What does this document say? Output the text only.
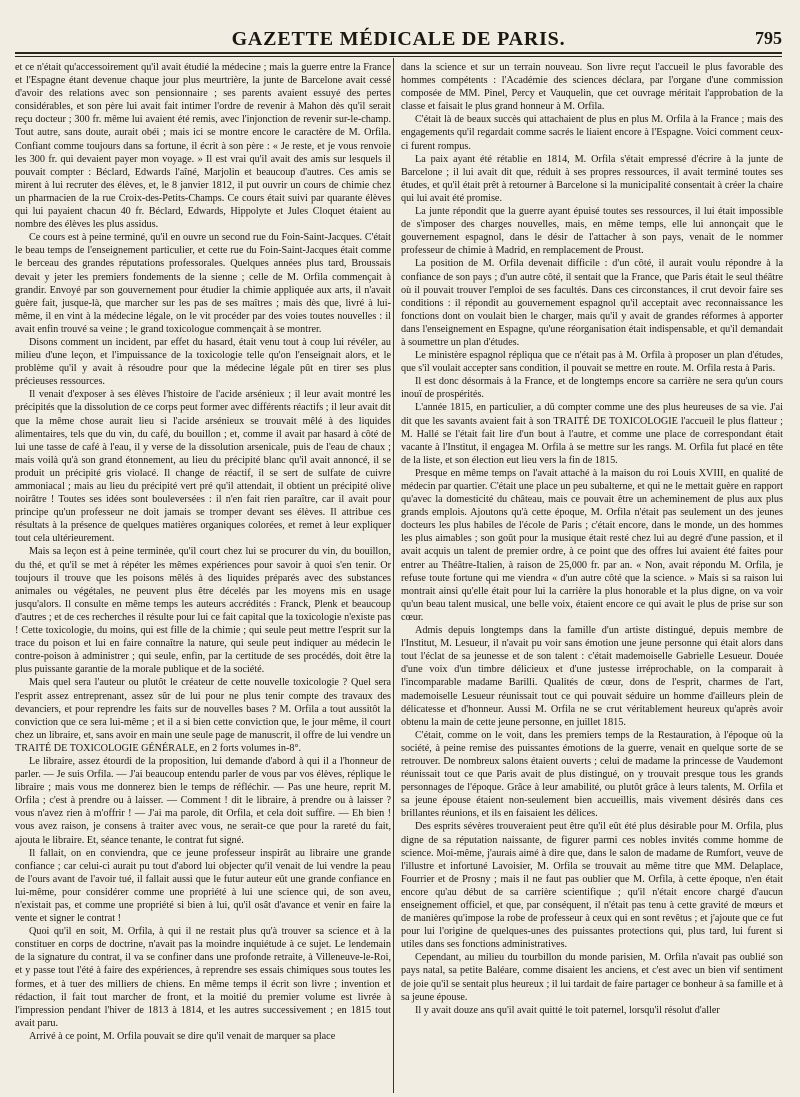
GAZETTE MÉDICALE DE PARIS.	795

et ce n'était qu'accessoirement qu'il avait étudié la médecine ; mais la guerre entre la France et l'Espagne étant devenue chaque jour plus meurtrière, la junte de Barcelone avait cessé d'avoir des relations avec son pensionnaire ; ses parents avaient essuyé des pertes considérables, et son père lui avait fait intimer l'ordre de revenir à Mahon dès qu'il serait reçu docteur ; 300 fr. même lui avaient été remis, avec l'injonction de revenir sur-le-champ. Tout autre, sans doute, aurait obéi ; mais ici se montre encore le caractère de M. Orfila. Confiant comme toujours dans sa fortune, il écrit à son père : « Je reste, et je vous renvoie les 300 fr. qui devaient payer mon voyage. » Il est vrai qu'il avait des amis sur lesquels il pouvait compter : Béclard, Edwards l'aîné, Marjolin et beaucoup d'autres. Ces amis se mirent à lui recruter des élèves, et, le 8 janvier 1812, il put ouvrir un cours de chimie chez un pharmacien de la rue Croix-des-Petits-Champs. Ce cours était suivi par quarante élèves qui lui payaient chacun 40 fr. Béclard, Edwards, Hippolyte et Jules Cloquet étaient au nombre des élèves les plus assidus.

Ce cours est à peine terminé, qu'il en ouvre un second rue du Foin-Saint-Jacques. C'était le beau temps de l'enseignement particulier, et cette rue du Foin-Saint-Jacques était comme le berceau des grandes réputations professorales. Quelques années plus tard, Broussais devait y jeter les premiers fondements de la sienne ; celle de M. Orfila commençait à grandir. Envoyé par son gouvernement pour étudier la chimie appliquée aux arts, il n'avait guère fait, jusque-là, que marcher sur les pas de ses maîtres ; mais dès que, livré à lui-même, il en vint à la médecine légale, on le vit procéder par des voies toutes nouvelles : il avait enfin trouvé sa veine ; le grand toxicologue commençait à se montrer.

Disons comment un incident, par effet du hasard, était venu tout à coup lui révéler, au milieu d'une leçon, et l'impuissance de la toxicologie telle qu'on l'enseignait alors, et le problème qu'il y avait à résoudre pour que la médecine légale pût en tirer ses plus précieuses ressources.

Il venait d'exposer à ses élèves l'histoire de l'acide arsénieux ; il leur avait montré les précipités que la dissolution de ce corps peut former avec différents réactifs ; il leur avait dit que la même chose aurait lieu si l'acide arsénieux se trouvait mêlé à des liquides alimentaires, tels que du vin, du café, du bouillon ; et, comme il avait par hasard à côté de lui une tasse de café à l'eau, il y verse de la dissolution arsenicale, puis de l'eau de chaux ; mais voilà qu'à son grand étonnement, au lieu du précipité blanc qu'il avait annoncé, il se produit un précipité gris violacé. Il change de réactif, il se sert de sulfate de cuivre ammoniacal ; mais au lieu du précipité vert pré qu'il attendait, il obtient un précipité olive noirâtre ! Toutes ses idées sont bouleversées : il n'en fait rien paraître, car il avait pour principe qu'un professeur ne doit jamais se tromper devant ses élèves. Il attribue ces résultats à la présence de quelques matières organiques colorées, et remet à leur expliquer tout cela ultérieurement.

Mais sa leçon est à peine terminée, qu'il court chez lui se procurer du vin, du bouillon, du thé, et qu'il se met à répéter les mêmes expériences pour savoir à quoi s'en tenir. Or toujours il trouve que les poisons mêlés à des liquides préparés avec des substances animales ou végétales, ne peuvent plus être décelés par les moyens mis en usage jusqu'alors. Il consulte en même temps les auteurs accrédités : Franck, Plenk et beaucoup d'autres ; et de ces recherches il résulte pour lui ce fait capital que la toxicologie n'existe pas ! Cette toxicologie, du moins, qui est fille de la chimie ; qui seule peut mettre l'esprit sur la trace du poison et lui en faire connaître la nature, qui seule peut indiquer au médecin le contre-poison à administrer ; qui seule, enfin, par la certitude de ses procédés, doit être la plus puissante garantie de la morale publique et de la société.

Mais quel sera l'auteur ou plutôt le créateur de cette nouvelle toxicologie ? Quel sera l'esprit assez entreprenant, assez sûr de lui pour ne plus tenir compte des travaux des devanciers, et pour reprendre les faits sur de nouvelles bases ? M. Orfila a tout aussitôt la conviction que ce sera lui-même ; et il a si bien cette conviction que, le jour même, il court chez un libraire, et, sans avoir en main une seule page de manuscrit, il offre de lui vendre un TRAITÉ DE TOXICOLOGIE GÉNÉRALE, en 2 forts volumes in-8°.

Le libraire, assez étourdi de la proposition, lui demande d'abord à qui il a l'honneur de parler. — Je suis Orfila. — J'ai beaucoup entendu parler de vous par vos élèves, réplique le libraire ; mais vous me donnerez bien le temps de réfléchir. — Pas une heure, reprit M. Orfila ; c'est à prendre ou à laisser. — Comment ! dit le libraire, à prendre ou à laisser ? vous n'avez rien à m'offrir ! — J'ai ma parole, dit Orfila, et cela doit suffire. — Eh bien ! vous avez raison, je consens à traiter avec vous, ne serait-ce que pour la rareté du fait, ajouta le libraire. Et, séance tenante, le contrat fut signé.

Il fallait, on en conviendra, que ce jeune professeur inspirât au libraire une grande confiance ; car celui-ci aurait pu tout d'abord lui objecter qu'il venait de lui vendre la peau de l'ours avant de l'avoir tué, il fallait aussi que le futur auteur eût une grande confiance en lui-même, pour considérer comme une propriété à lui une science qui, de son aveu, n'existait pas, et comme une propriété si bien à lui, qu'il osât d'avance et venir en faire la vente et signer le contrat !

Quoi qu'il en soit, M. Orfila, à qui il ne restait plus qu'à trouver sa science et à la constituer en corps de doctrine, n'avait pas la moindre inquiétude à ce sujet. Le lendemain de la signature du contrat, il va se confiner dans une profonde retraite, à Villeneuve-le-Roi, et y passe tout l'été à faire des expériences, à reprendre ses essais chimiques sous toutes les formes, et à tuer des milliers de chiens. En même temps il écrit son livre ; invention et rédaction, il fait tout marcher de front, et la moitié du premier volume est livrée à l'impression pendant l'hiver de 1813 à 1814, et les autres successivement ; en 1815 tout avait paru.

Arrivé à ce point, M. Orfila pouvait se dire qu'il venait de marquer sa place

dans la science et sur un terrain nouveau. Son livre reçut l'accueil le plus favorable des hommes compétents : l'Académie des sciences déclara, par l'organe d'une commission composée de MM. Pinel, Percy et Vauquelin, que cet ouvrage méritait l'approbation de la classe et faisait le plus grand honneur à M. Orfila.

C'était là de beaux succès qui attachaient de plus en plus M. Orfila à la France ; mais des engagements qu'il regardait comme sacrés le liaient encore à l'Espagne. Voici comment ceux-ci furent rompus.

La paix ayant été rétablie en 1814, M. Orfila s'était empressé d'écrire à la junte de Barcelone ; il lui avait dit que, réduit à ses propres ressources, il avait terminé toutes ses études, et qu'il était prêt à retourner à Barcelone si la municipalité consentait à créer la chaire qui lui avait été promise.

La junte répondit que la guerre ayant épuisé toutes ses ressources, il lui était impossible de s'imposer des charges nouvelles, mais, en même temps, elle lui annonçait que le gouvernement espagnol, dans le désir de l'attacher à son pays, venait de le nommer professeur de chimie à Madrid, en remplacement de Proust.

La position de M. Orfila devenait difficile : d'un côté, il aurait voulu répondre à la confiance de son pays ; d'un autre côté, il sentait que la France, que Paris était le seul théâtre où il pouvait trouver l'emploi de ses facultés. Dans ces circonstances, il crut devoir faire ses conditions : il répondit au gouvernement espagnol qu'il acceptait avec reconnaissance les fonctions dont on voulait bien le charger, mais qu'il y avait de grandes réformes à apporter dans l'enseignement en Espagne, qu'une réorganisation était indispensable, et qu'il demandait à soumettre un plan d'études.

Le ministère espagnol répliqua que ce n'était pas à M. Orfila à proposer un plan d'études, que s'il voulait accepter sans condition, il pouvait se mettre en route. M. Orfila resta à Paris.

Il est donc désormais à la France, et de longtemps encore sa carrière ne sera qu'un cours inouï de prospérités.

L'année 1815, en particulier, a dû compter comme une des plus heureuses de sa vie. J'ai dit que les savants avaient fait à son TRAITÉ DE TOXICOLOGIE l'accueil le plus flatteur ; M. Hallé se l'était fait lire d'un bout à l'autre, et comme une place de correspondant était vacante à l'Institut, il engagea M. Orfila à se mettre sur les rangs. M. Orfila fut placé en tête de la liste, et son élection eut lieu vers la fin de 1815.

Presque en même temps on l'avait attaché à la maison du roi Louis XVIII, en qualité de médecin par quartier. C'était une place un peu subalterne, et qui ne le mettait guère en rapport qu'avec la domesticité du château, mais ce pouvait être un acheminement de plus aux plus grands emplois. Ajoutons qu'à cette époque, M. Orfila n'était pas seulement un des jeunes docteurs les plus habiles de l'école de Paris ; c'était encore, dans le monde, un des hommes les plus aimables ; son goût pour la musique était resté chez lui au degré d'une passion, et il avait acquis un talent de premier ordre, à ce point que des offres lui avaient été faites pour entrer au Théâtre-Italien, à raison de 25,000 fr. par an. « Non, avait répondu M. Orfila, je refuse toute fortune qui me viendra « d'un autre côté que la science. » Mais si sa raison lui montrait ainsi qu'elle était pour lui la carrière la plus honorable et la plus digne, on va voir qu'un beau talent musical, une belle voix, étaient encore ce qui avait le plus de prise sur son cœur.

Admis depuis longtemps dans la famille d'un artiste distingué, depuis membre de l'Institut, M. Lesueur, il n'avait pu voir sans émotion une jeune personne qui était alors dans tout l'éclat de sa jeunesse et de son talent : c'était mademoiselle Gabrielle Lesueur. Douée d'une voix d'un timbre délicieux et d'une justesse irréprochable, on la comparait à l'incomparable madame Barilli. Qualités de cœur, dons de l'esprit, charmes de l'art, mademoiselle Lesueur réunissait tout ce qui pouvait séduire un homme d'ailleurs plein de délicatesse et d'honneur. Aussi M. Orfila ne se crut véritablement heureux qu'après avoir obtenu la main de cette jeune personne, en juillet 1815.

C'était, comme on le voit, dans les premiers temps de la Restauration, à l'époque où la société, à peine remise des puissantes émotions de la guerre, venait en quelque sorte de se retrouver. De nombreux salons étaient ouverts ; celui de madame la princesse de Vaudemont réunissait tout ce que Paris avait de plus distingué, on y trouvait presque tous les grands personnages de l'époque. Grâce à leur amabilité, ou plutôt grâce à leurs talents, M. Orfila et sa jeune épouse étaient non-seulement bien accueillis, mais vivement désirés dans ces brillantes réunions, et ils en faisaient les délices.

Des esprits sévères trouveraient peut être qu'il eût été plus désirable pour M. Orfila, plus digne de sa réputation naissante, de figurer parmi ces nobles invités comme homme de science. Moi-même, j'aurais aimé à dire que, dans le salon de madame de Rumfort, veuve de l'illustre et infortuné Lavoisier, M. Orfila se trouvait au même titre que MM. Delaplace, Fourrier et de Prosny ; mais il ne faut pas oublier que M. Orfila, à cette époque, n'en était encore qu'au début de sa carrière scientifique ; qu'il n'était encore chargé d'aucun enseignement officiel, et que, par conséquent, il n'était pas tenu à cette gravité de mœurs et de manières qu'impose la robe de professeur à ceux qui en sont revêtus ; et j'ajoute que ce fut pour lui l'origine de quelques-unes des puissantes protections qui, plus tard, lui furent si utiles dans ses fonctions administratives.

Cependant, au milieu du tourbillon du monde parisien, M. Orfila n'avait pas oublié son pays natal, sa petite Baléare, comme disaient les anciens, et c'est avec un bien vif sentiment de joie qu'il se sentait plus heureux ; il lui tardait de faire partager ce bonheur à sa famille et à sa jeune épouse.

Il y avait douze ans qu'il avait quitté le toit paternel, lorsqu'il résolut d'aller
